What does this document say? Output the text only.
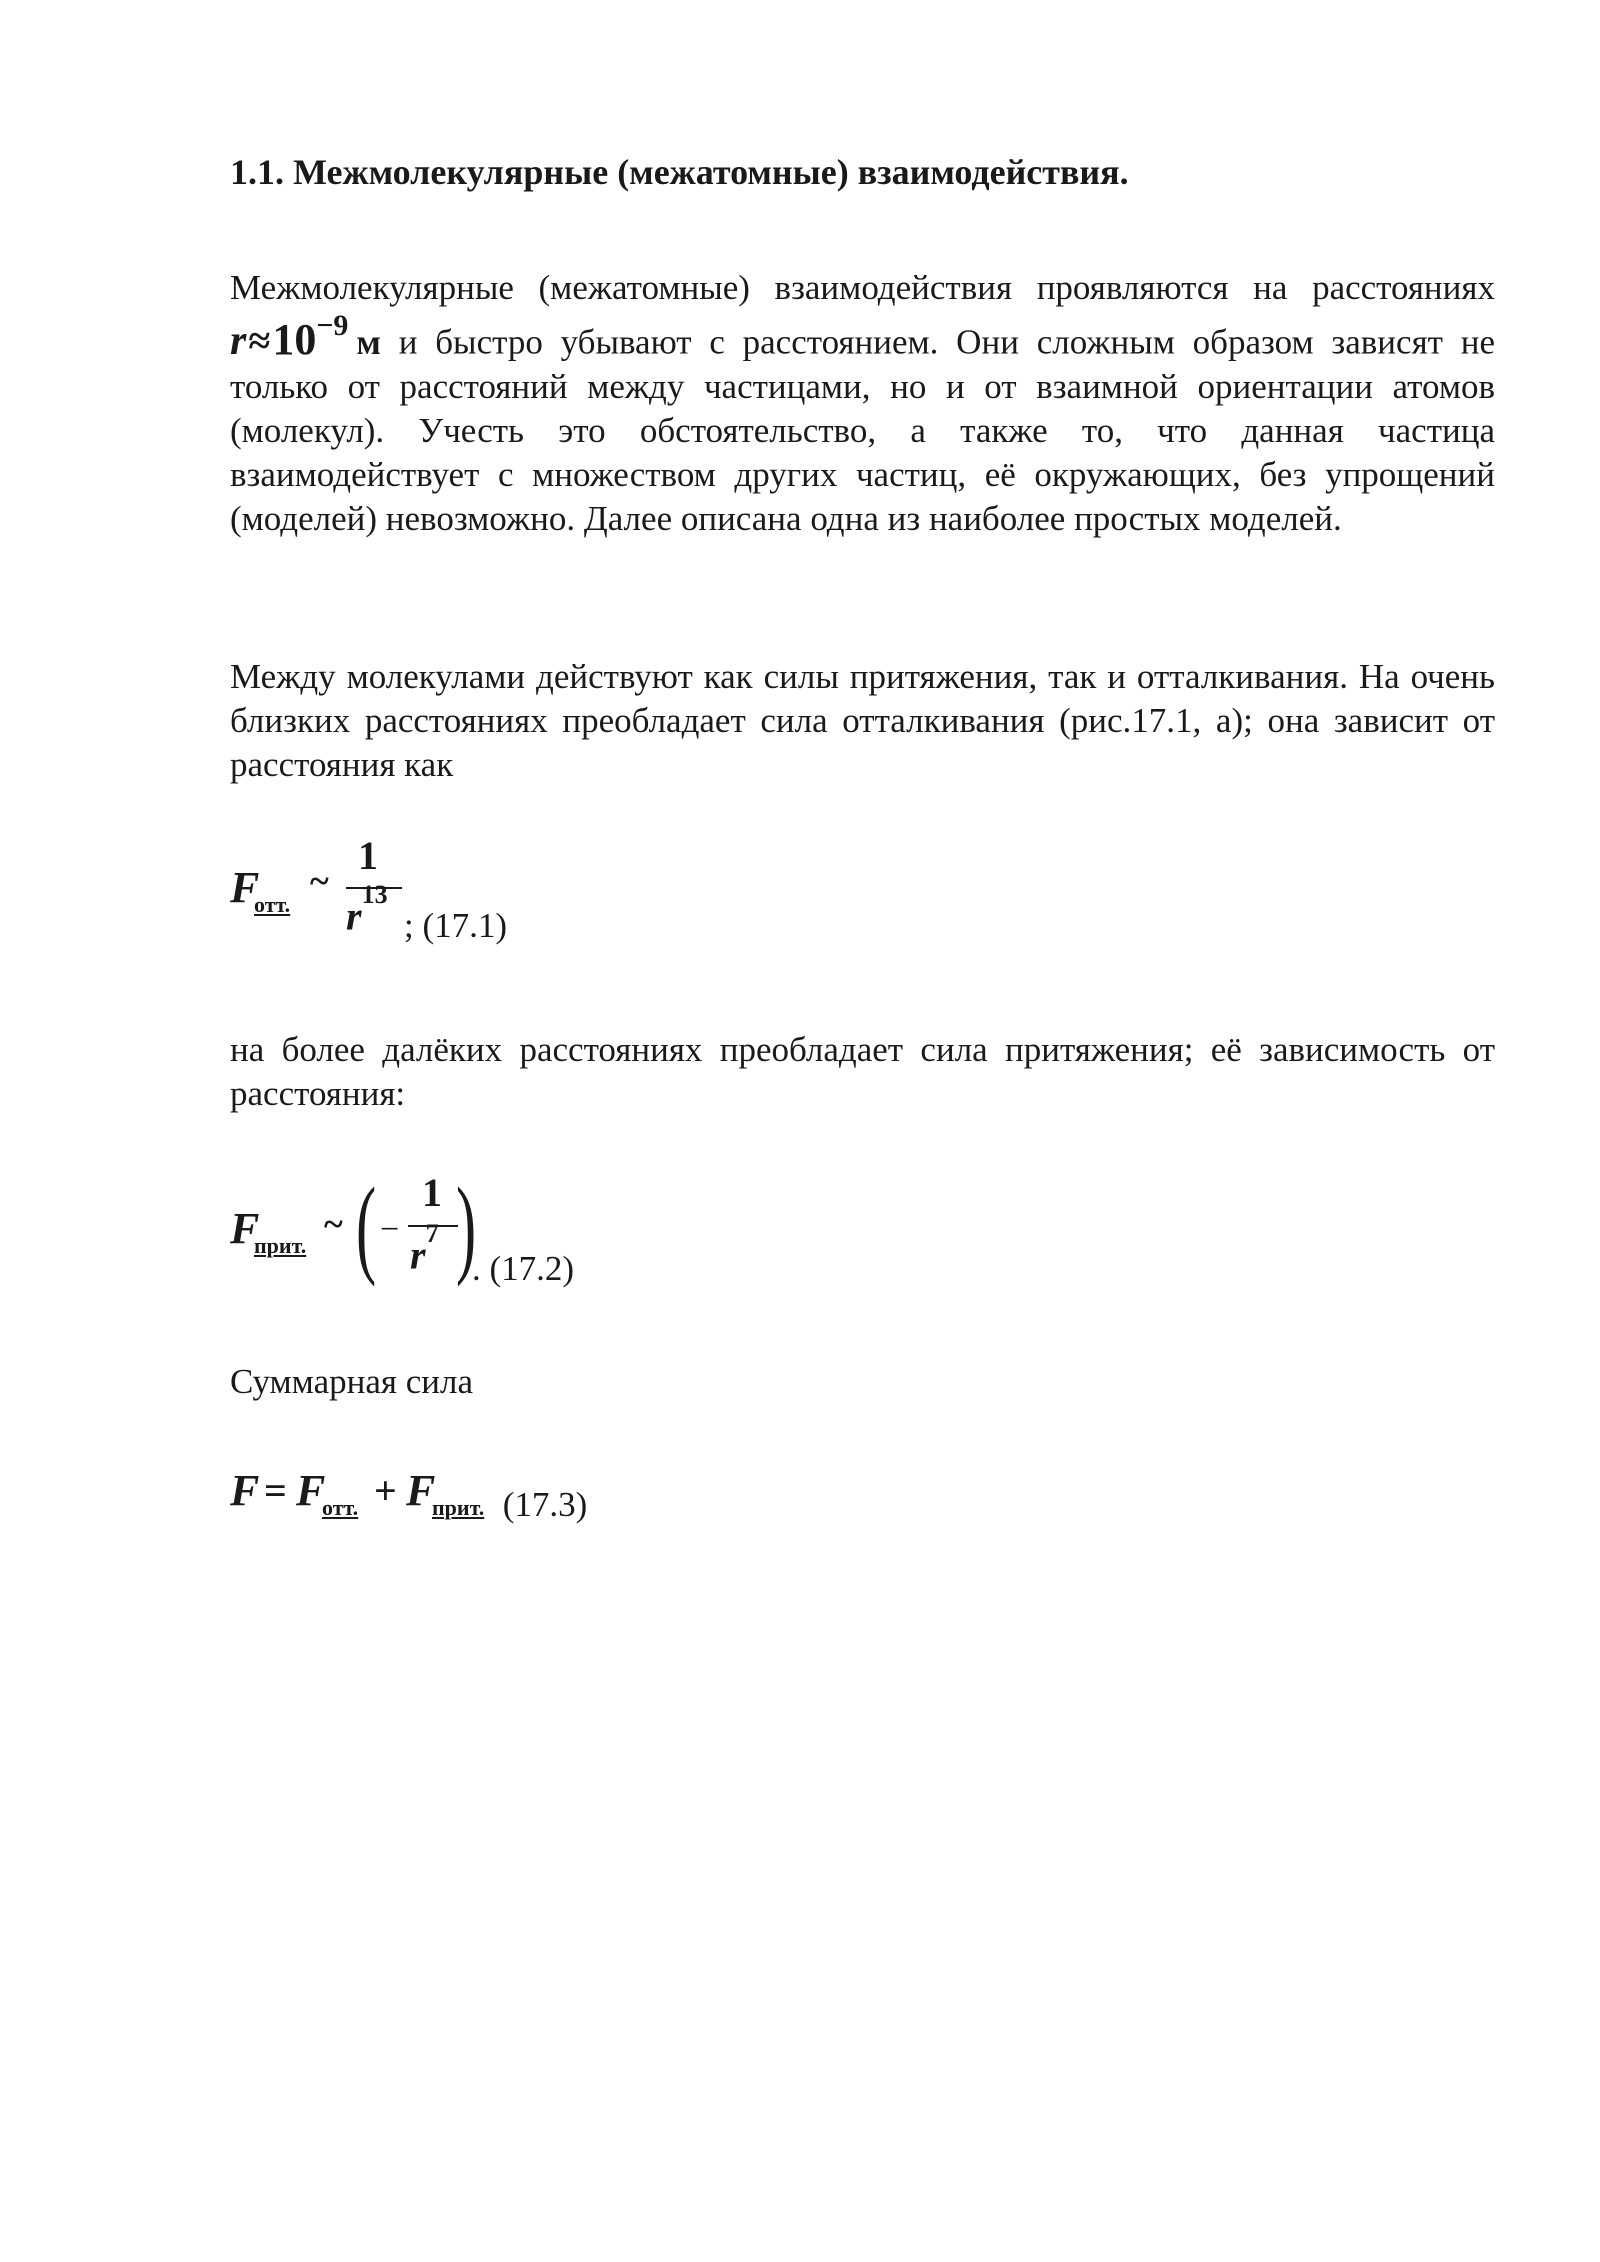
1.1. Межмолекулярные (межатомные) взаимодействия.
Межмолекулярные (межатомные) взаимодействия проявляются на расстояниях $r\approx 10^{-9}$ м и быстро убывают с расстоянием. Они сложным образом зависят не только от расстояний между частицами, но и от взаимной ориентации атомов (молекул). Учесть это обстоятельство, а также то, что данная частица взаимодействует с множеством других частиц, её окружающих, без упрощений (моделей) невозможно. Далее описана одна из наиболее простых моделей.
Между молекулами действуют как силы притяжения, так и отталкивания. На очень близких расстояниях преобладает сила отталкивания (рис.17.1, а); она зависит от расстояния как
F
отт.
~
1
$r^{13}$
; (17.1)
на более далёких расстояниях преобладает сила притяжения; её зависимость от расстояния:
F
прит.
~ ( −
1
$r^7$ )
. (17.2)
Суммарная сила
F = F
отт. + F
прит. (17.3)
